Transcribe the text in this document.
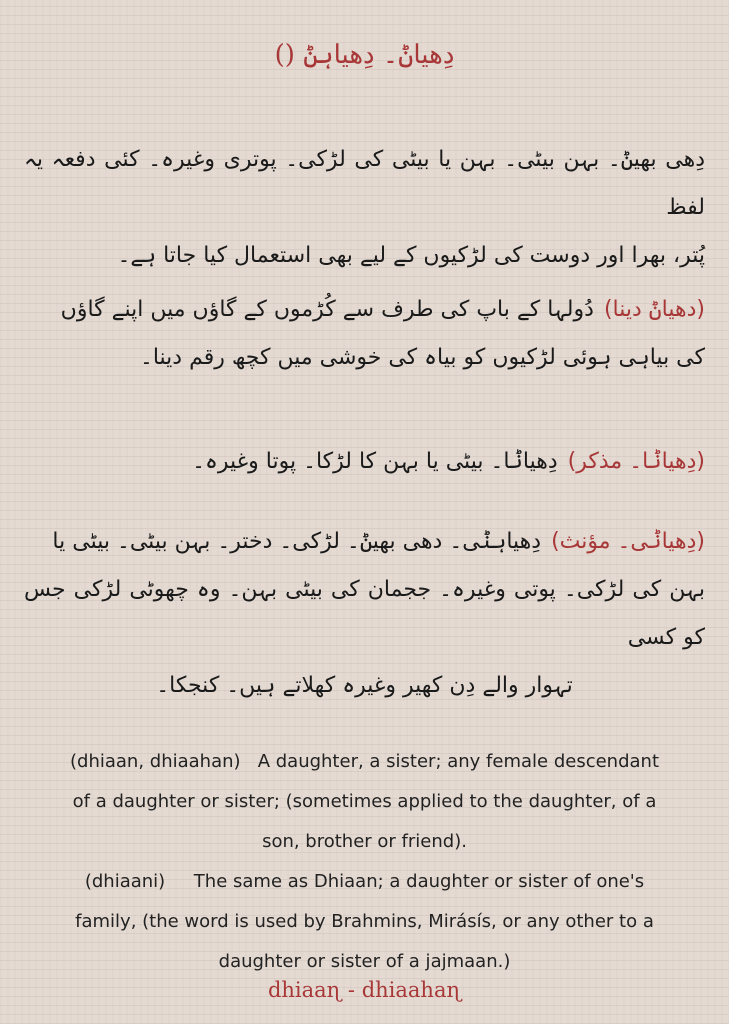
دِھیاݨ۔ دِھیاہݨ ()
دِھی بھیݨ۔ بہن بیٹی۔ بہن یا بیٹی کی لڑکی۔ پوتری وغیرہ۔ کئی دفعہ یہ لفظ
پُتر، بھرا اور دوست کی لڑکیوں کے لیے بھی استعمال کیا جاتا ہے۔
(دھیاݨ دینا)دُولہا کے باپ کی طرف سے کُڑموں کے گاؤں میں اپنے گاؤں
کی بیاہی ہوئی لڑکیوں کو بیاہ کی خوشی میں کچھ رقم دینا۔
(دِھیاݨا۔ مذکر)دِھیاݨا۔ بیٹی یا بہن کا لڑکا۔ پوتا وغیرہ۔
(دِھیاݨی۔ مؤنث)دِھیاہݨی۔ دھی بھیݨ۔ لڑکی۔ دختر۔ بہن بیٹی۔ بیٹی یا
بہن کی لڑکی۔ پوتی وغیرہ۔ ججمان کی بیٹی بہن۔ وہ چھوٹی لڑکی جس کو کسی
تہوار والے دِن کھیر وغیرہ کھلاتے ہیں۔ کنجکا۔
(dhiaan, dhiaahan)   A daughter, a sister; any female descendant
of a daughter or sister; (sometimes applied to the daughter, of a
son, brother or friend).
(dhiaani)     The same as Dhiaan; a daughter or sister of one's
family, (the word is used by Brahmins, Mirásís, or any other to a
daughter or sister of a jajmaan.)
dhiaaɳ - dhiaahaɳ
